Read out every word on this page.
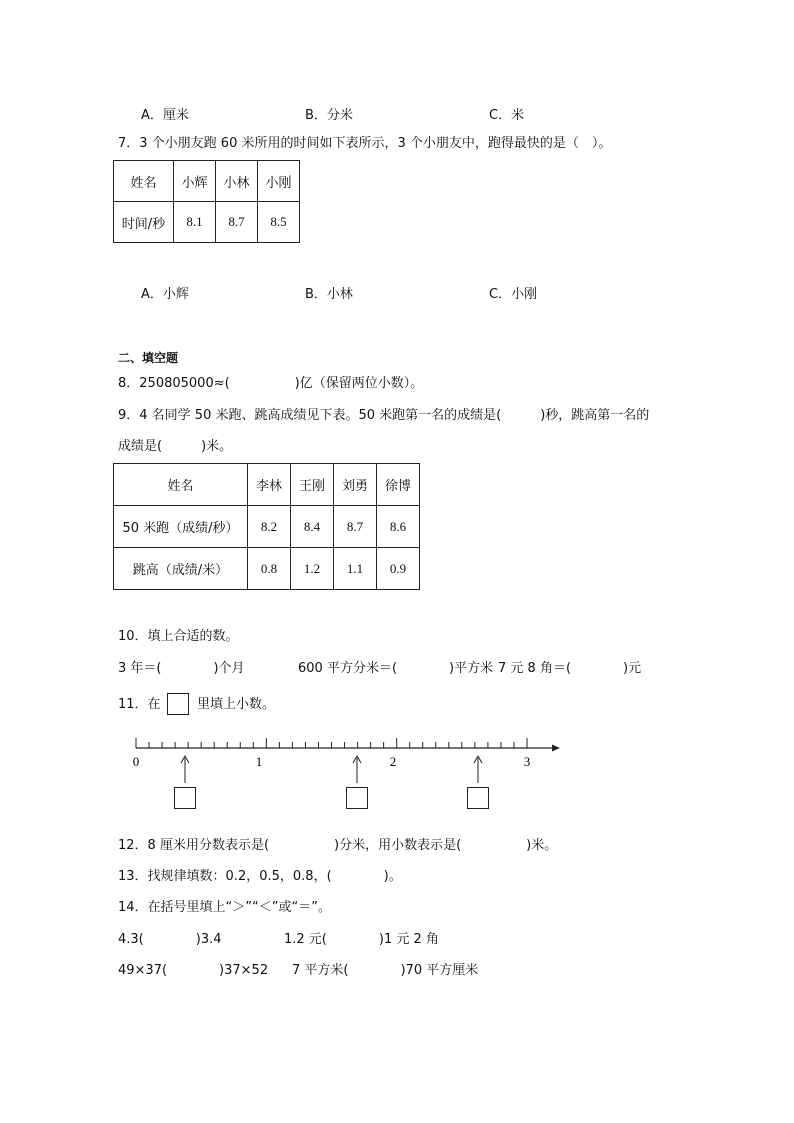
A．厘米	B．分米	C．米
7．3 个小朋友跑 60 米所用的时间如下表所示，3 个小朋友中，跑得最快的是（　）。
姓名	小辉	小林	小刚
时间/秒	8.1	8.7	8.5
A．小辉	B．小林	C．小刚
二、填空题
8．250805000≈(　　　　　)亿（保留两位小数）。
9．4 名同学 50 米跑、跳高成绩见下表。50 米跑第一名的成绩是(　　　)秒，跳高第一名的
成绩是(　　　)米。
姓名	李林	王刚	刘勇	徐博
50 米跑（成绩/秒）	8.2	8.4	8.7	8.6
跳高（成绩/米）	0.8	1.2	1.1	0.9
10．填上合适的数。
3 年＝(　　　　)个月	600 平方分米＝(　　　　)平方米 7 元 8 角＝(　　　　)元
11．在	里填上小数。
0	1	2	3
12．8 厘米用分数表示是(　　　　　)分米，用小数表示是(　　　　　)米。
13．找规律填数：0.2，0.5，0.8，(　　　　)。
14．在括号里填上“＞”“＜”或“＝”。
4.3(　　　　)3.4	1.2 元(　　　　)1 元 2 角
49×37(　　　　)37×52 7 平方米(　　　　)70 平方厘米
